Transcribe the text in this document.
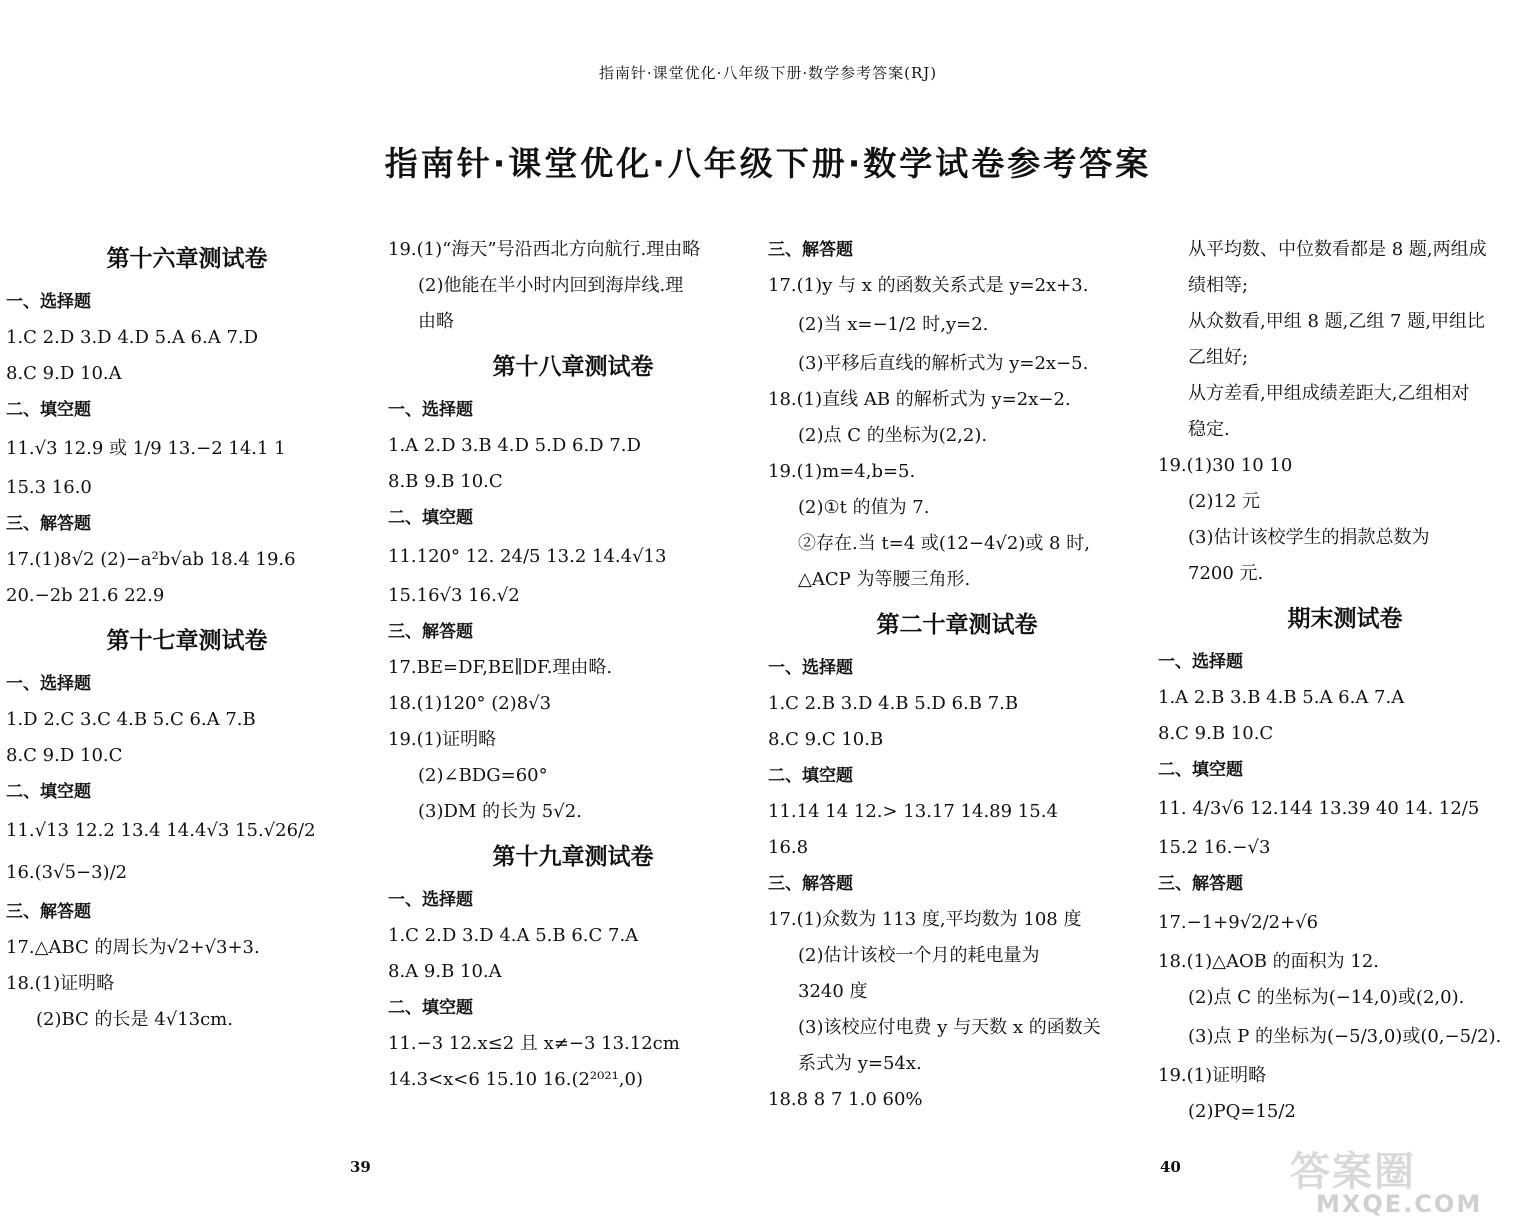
指南针·课堂优化·八年级下册·数学参考答案(RJ)
指南针·课堂优化·八年级下册·数学试卷参考答案
第十六章测试卷
一、选择题
1.C 2.D 3.D 4.D 5.A 6.A 7.D
8.C 9.D 10.A
二、填空题
11.√3 12.9 或 1/9 13.−2 14.1 1
15.3 16.0
三、解答题
17.(1)8√2 (2)−a²b√ab 18.4 19.6
20.−2b 21.6 22.9
第十七章测试卷
一、选择题
1.D 2.C 3.C 4.B 5.C 6.A 7.B
8.C 9.D 10.C
二、填空题
11.√13 12.2 13.4 14.4√3 15.√26/2
16.(3√5−3)/2
三、解答题
17.△ABC 的周长为√2+√3+3.
18.(1)证明略
(2)BC 的长是 4√13cm.
19.(1)“海天”号沿西北方向航行.理由略
(2)他能在半小时内回到海岸线.理
由略
第十八章测试卷
一、选择题
1.A 2.D 3.B 4.D 5.D 6.D 7.D
8.B 9.B 10.C
二、填空题
11.120° 12. 24/5 13.2 14.4√13
15.16√3 16.√2
三、解答题
17.BE=DF,BE∥DF.理由略.
18.(1)120° (2)8√3
19.(1)证明略
(2)∠BDG=60°
(3)DM 的长为 5√2.
第十九章测试卷
一、选择题
1.C 2.D 3.D 4.A 5.B 6.C 7.A
8.A 9.B 10.A
二、填空题
11.−3 12.x≤2 且 x≠−3 13.12cm
14.3<x<6 15.10 16.(2²⁰²¹,0)
三、解答题
17.(1)y 与 x 的函数关系式是 y=2x+3.
(2)当 x=−1/2 时,y=2.
(3)平移后直线的解析式为 y=2x−5.
18.(1)直线 AB 的解析式为 y=2x−2.
(2)点 C 的坐标为(2,2).
19.(1)m=4,b=5.
(2)①t 的值为 7.
②存在.当 t=4 或(12−4√2)或 8 时,
△ACP 为等腰三角形.
第二十章测试卷
一、选择题
1.C 2.B 3.D 4.B 5.D 6.B 7.B
8.C 9.C 10.B
二、填空题
11.14 14 12.> 13.17 14.89 15.4
16.8
三、解答题
17.(1)众数为 113 度,平均数为 108 度
(2)估计该校一个月的耗电量为
3240 度
(3)该校应付电费 y 与天数 x 的函数关
系式为 y=54x.
18.8 8 7 1.0 60%
从平均数、中位数看都是 8 题,两组成
绩相等;
从众数看,甲组 8 题,乙组 7 题,甲组比
乙组好;
从方差看,甲组成绩差距大,乙组相对
稳定.
19.(1)30 10 10
(2)12 元
(3)估计该校学生的捐款总数为
7200 元.
期末测试卷
一、选择题
1.A 2.B 3.B 4.B 5.A 6.A 7.A
8.C 9.B 10.C
二、填空题
11. 4/3√6 12.144 13.39 40 14. 12/5
15.2 16.−√3
三、解答题
17.−1+9√2/2+√6
18.(1)△AOB 的面积为 12.
(2)点 C 的坐标为(−14,0)或(2,0).
(3)点 P 的坐标为(−5/3,0)或(0,−5/2).
19.(1)证明略
(2)PQ=15/2
39	40	答案圈
MXQE.COM
